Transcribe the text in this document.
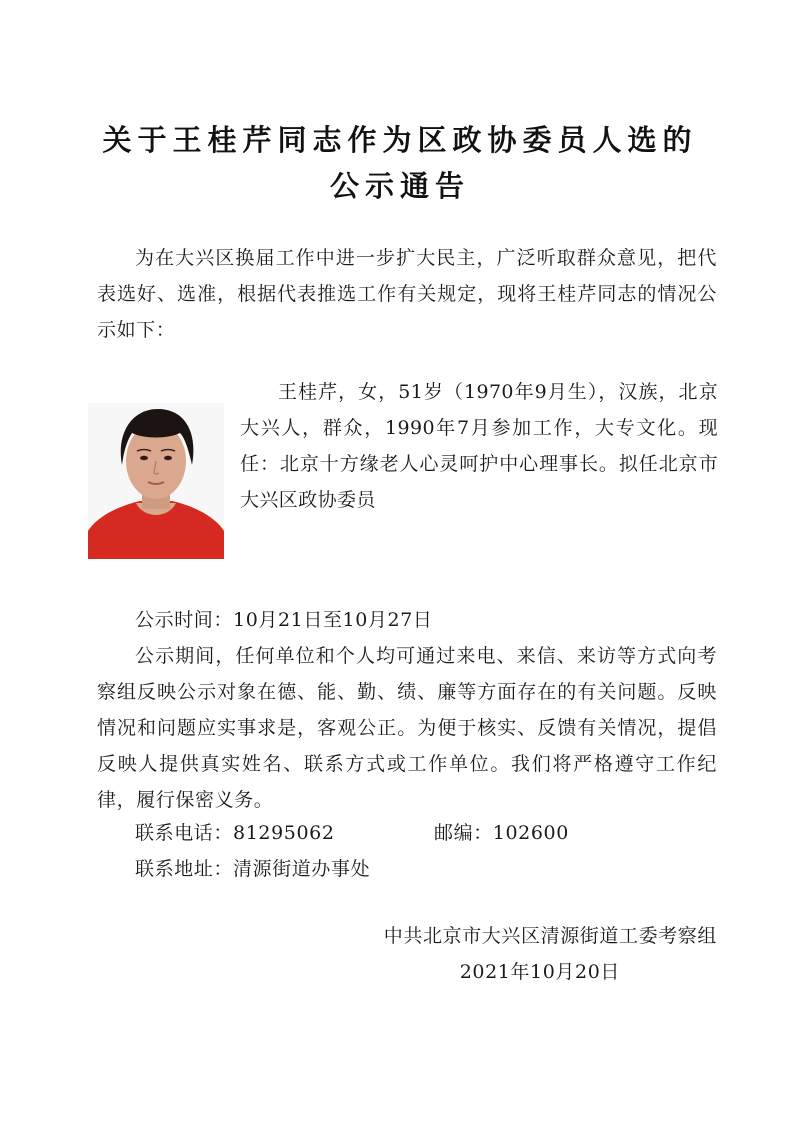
关于王桂芹同志作为区政协委员人选的
公示通告
为在大兴区换届工作中进一步扩大民主，广泛听取群众意见，把代表选好、选准，根据代表推选工作有关规定，现将王桂芹同志的情况公示如下：
王桂芹，女，51岁（1970年9月生），汉族，北京大兴人，群众，1990年7月参加工作，大专文化。现任：北京十方缘老人心灵呵护中心理事长。拟任北京市大兴区政协委员
公示时间：10月21日至10月27日
公示期间，任何单位和个人均可通过来电、来信、来访等方式向考察组反映公示对象在德、能、勤、绩、廉等方面存在的有关问题。反映情况和问题应实事求是，客观公正。为便于核实、反馈有关情况，提倡反映人提供真实姓名、联系方式或工作单位。我们将严格遵守工作纪律，履行保密义务。
联系电话：81295062	邮编：102600
联系地址：清源街道办事处
中共北京市大兴区清源街道工委考察组
2021年10月20日
